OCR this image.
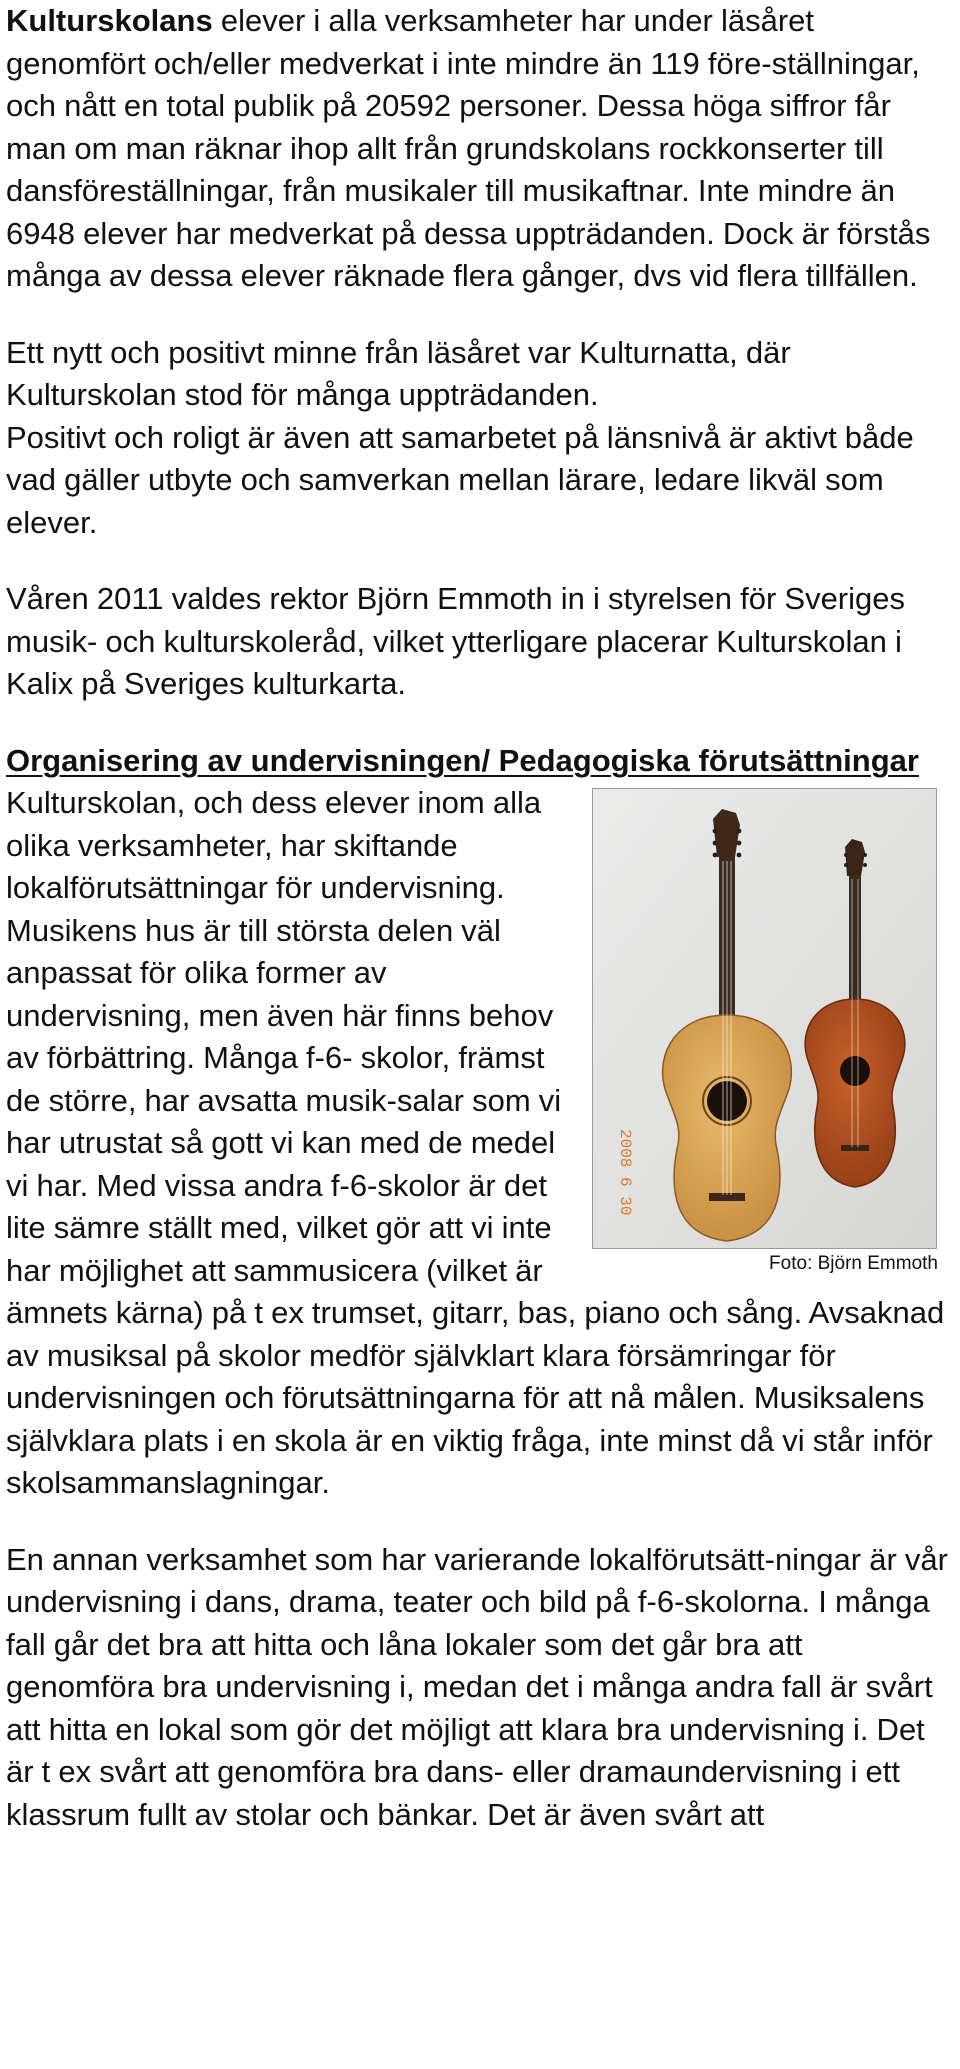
Kulturskolans elever i alla verksamheter har under läsåret genomfört och/eller medverkat i inte mindre än 119 före-ställningar, och nått en total publik på 20592 personer. Dessa höga siffror får man om man räknar ihop allt från grundskolans rockkonserter till dansföreställningar, från musikaler till musikaftnar. Inte mindre än 6948 elever har medverkat på dessa uppträdanden. Dock är förstås många av dessa elever räknade flera gånger, dvs vid flera tillfällen.

Ett nytt och positivt minne från läsåret var Kulturnatta, där Kulturskolan stod för många uppträdanden.

Positivt och roligt är även att samarbetet på länsnivå är aktivt både vad gäller utbyte och samverkan mellan lärare, ledare likväl som elever.

Våren 2011 valdes rektor Björn Emmoth in i styrelsen för Sveriges musik- och kulturskoleråd, vilket ytterligare placerar Kulturskolan i Kalix på Sveriges kulturkarta.

Organisering av undervisningen/ Pedagogiska förutsättningar

2008 6 30
Foto: Björn Emmoth

Kulturskolan, och dess elever inom alla olika verksamheter, har skiftande lokalförutsättningar för undervisning. Musikens hus är till största delen väl anpassat för olika former av undervisning, men även här finns behov av förbättring. Många f-6- skolor, främst de större, har avsatta musik-salar som vi har utrustat så gott vi kan med de medel vi har. Med vissa andra f-6-skolor är det lite sämre ställt med, vilket gör att vi inte har möjlighet att sammusicera (vilket är ämnets kärna) på t ex trumset, gitarr, bas, piano och sång. Avsaknad av musiksal på skolor medför självklart klara försämringar för undervisningen och förutsättningarna för att nå målen. Musiksalens självklara plats i en skola är en viktig fråga, inte minst då vi står inför skolsammanslagningar.

En annan verksamhet som har varierande lokalförutsätt-ningar är vår undervisning i dans, drama, teater och bild på f-6-skolorna. I många fall går det bra att hitta och låna lokaler som det går bra att genomföra bra undervisning i, medan det i många andra fall är svårt att hitta en lokal som gör det möjligt att klara bra undervisning i. Det är t ex svårt att genomföra bra dans- eller dramaundervisning i ett klassrum fullt av stolar och bänkar. Det är även svårt att
